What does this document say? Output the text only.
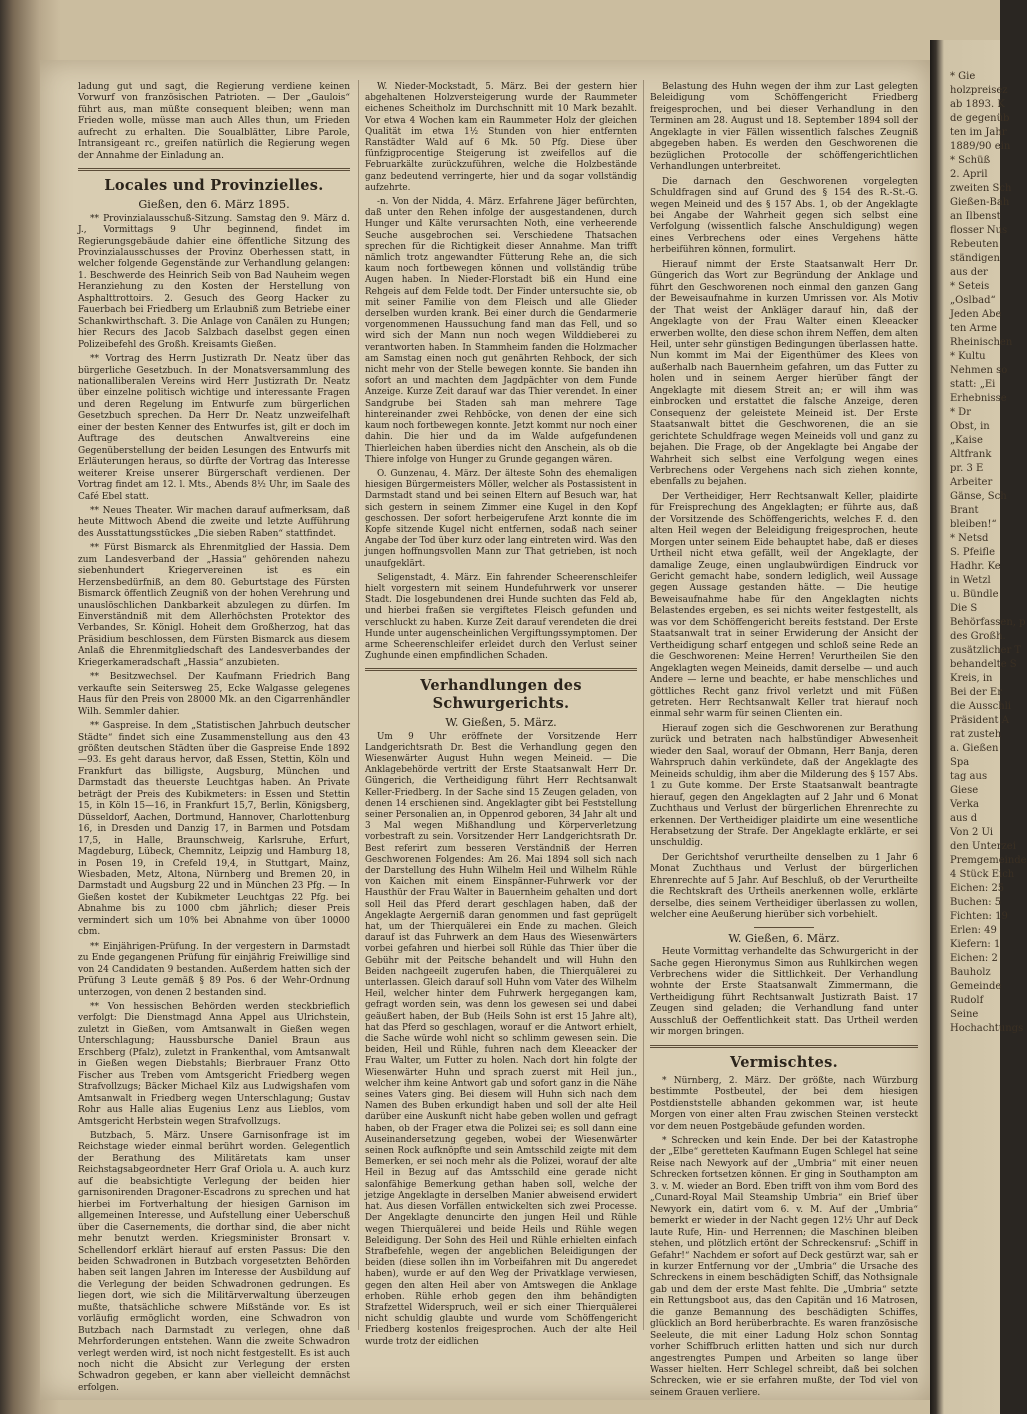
ladung gut und sagt, die Regierung verdiene keinen Vorwurf von französischen Patrioten. — Der „Gaulois“ führt aus, man müßte consequent bleiben; wenn man Frieden wolle, müsse man auch Alles thun, um Frieden aufrecht zu erhalten. Die Soualblätter, Libre Parole, Intransigeant rc., greifen natürlich die Regierung wegen der Annahme der Einladung an.

Locales und Provinzielles.
Gießen, den 6. März 1895.

** Provinzialausschuß-Sitzung. Samstag den 9. März d. J., Vormittags 9 Uhr beginnend, findet im Regierungsgebäude dahier eine öffentliche Sitzung des Provinzialausschusses der Provinz Oberhessen statt, in welcher folgende Gegenstände zur Verhandlung gelangen: 1. Beschwerde des Heinrich Seib von Bad Nauheim wegen Heranziehung zu den Kosten der Herstellung von Asphalttrottoirs. 2. Gesuch des Georg Hacker zu Fauerbach bei Friedberg um Erlaubniß zum Betriebe einer Schankwirthschaft. 3. Die Anlage von Canälen zu Hungen; hier Recurs des Jacob Salzbach daselbst gegen einen Polizeibefehl des Großh. Kreisamts Gießen.

** Vortrag des Herrn Justizrath Dr. Neatz über das bürgerliche Gesetzbuch. In der Monatsversammlung des nationalliberalen Vereins wird Herr Justizrath Dr. Neatz über einzelne politisch wichtige und interessante Fragen und deren Regelung im Entwurfe zum bürgerlichen Gesetzbuch sprechen. Da Herr Dr. Neatz unzweifelhaft einer der besten Kenner des Entwurfes ist, gilt er doch im Auftrage des deutschen Anwaltvereins eine Gegenüberstellung der beiden Lesungen des Entwurfs mit Erläuterungen heraus, so dürfte der Vortrag das Interesse weiterer Kreise unserer Bürgerschaft verdienen. Der Vortrag findet am 12. l. Mts., Abends 8½ Uhr, im Saale des Café Ebel statt.

** Neues Theater. Wir machen darauf aufmerksam, daß heute Mittwoch Abend die zweite und letzte Aufführung des Ausstattungsstückes „Die sieben Raben“ stattfindet.

** Fürst Bismarck als Ehrenmitglied der Hassia. Dem zum Landesverband der „Hassia“ gehörenden nahezu siebenhundert Kriegervereinen ist es ein Herzensbedürfniß, an dem 80. Geburtstage des Fürsten Bismarck öffentlich Zeugniß von der hohen Verehrung und unauslöschlichen Dankbarkeit abzulegen zu dürfen. Im Einverständniß mit dem Allerhöchsten Protektor des Verbandes, Sr. Königl. Hoheit dem Großherzog, hat das Präsidium beschlossen, dem Fürsten Bismarck aus diesem Anlaß die Ehrenmitgliedschaft des Landesverbandes der Kriegerkameradschaft „Hassia“ anzubieten.

** Besitzwechsel. Der Kaufmann Friedrich Bang verkaufte sein Seitersweg 25, Ecke Walgasse gelegenes Haus für den Preis von 28000 Mk. an den Cigarrenhändler Wilh. Semmler dahier.

** Gaspreise. In dem „Statistischen Jahrbuch deutscher Städte“ findet sich eine Zusammenstellung aus den 43 größten deutschen Städten über die Gaspreise Ende 1892—93. Es geht daraus hervor, daß Essen, Stettin, Köln und Frankfurt das billigste, Augsburg, München und Darmstadt das theuerste Leuchtgas haben. An Private beträgt der Preis des Kubikmeters: in Essen und Stettin 15, in Köln 15—16, in Frankfurt 15,7, Berlin, Königsberg, Düsseldorf, Aachen, Dortmund, Hannover, Charlottenburg 16, in Dresden und Danzig 17, in Barmen und Potsdam 17,5, in Halle, Braunschweig, Karlsruhe, Erfurt, Magdeburg, Lübeck, Chemnitz, Leipzig und Hamburg 18, in Posen 19, in Crefeld 19,4, in Stuttgart, Mainz, Wiesbaden, Metz, Altona, Nürnberg und Bremen 20, in Darmstadt und Augsburg 22 und in München 23 Pfg. — In Gießen kostet der Kubikmeter Leuchtgas 22 Pfg. bei Abnahme bis zu 1000 cbm jährlich; dieser Preis vermindert sich um 10% bei Abnahme von über 10000 cbm.

** Einjährigen-Prüfung. In der vergestern in Darmstadt zu Ende gegangenen Prüfung für einjährig Freiwillige sind von 24 Candidaten 9 bestanden. Außerdem hatten sich der Prüfung 3 Leute gemäß § 89 Pos. 6 der Wehr-Ordnung unterzogen, von denen 2 bestanden sind.

** Von hessischen Behörden werden steckbrieflich verfolgt: Die Dienstmagd Anna Appel aus Ulrichstein, zuletzt in Gießen, vom Amtsanwalt in Gießen wegen Unterschlagung; Haussbursche Daniel Braun aus Erschberg (Pfalz), zuletzt in Frankenthal, vom Amtsanwalt in Gießen wegen Diebstahls; Bierbrauer Franz Otto Fischer aus Treben vom Amtsgericht Friedberg wegen Strafvollzugs; Bäcker Michael Kilz aus Ludwigshafen vom Amtsanwalt in Friedberg wegen Unterschlagung; Gustav Rohr aus Halle alias Eugenius Lenz aus Lieblos, vom Amtsgericht Herbstein wegen Strafvollzugs.

Butzbach, 5. März. Unsere Garnisonfrage ist im Reichstage wieder einmal berührt worden. Gelegentlich der Berathung des Militäretats kam unser Reichstagsabgeordneter Herr Graf Oriola u. A. auch kurz auf die beabsichtigte Verlegung der beiden hier garnisonirenden Dragoner-Escadrons zu sprechen und hat hierbei im Fortverhaltung der hiesigen Garnison im allgemeinen Interesse, und Aufstellung einer Ueberschuß über die Casernements, die dorthar sind, die aber nicht mehr benutzt werden. Kriegsminister Bronsart v. Schellendorf erklärt hierauf auf ersten Passus: Die den beiden Schwadronen in Butzbach vorgesetzten Behörden haben seit langen Jahren im Interesse der Ausbildung auf die Verlegung der beiden Schwadronen gedrungen. Es liegen dort, wie sich die Militärverwaltung überzeugen mußte, thatsächliche schwere Mißstände vor. Es ist vorläufig ermöglicht worden, eine Schwadron von Butzbach nach Darmstadt zu verlegen, ohne daß Mehrforderungen entstehen. Wann die zweite Schwadron verlegt werden wird, ist noch nicht festgestellt. Es ist auch noch nicht die Absicht zur Verlegung der ersten Schwadron gegeben, er kann aber vielleicht demnächst erfolgen.

W. Nieder-Mockstadt, 5. März. Bei der gestern hier abgehaltenen Holzversteigerung wurde der Raummeter eichenes Scheitholz im Durchschnitt mit 10 Mark bezahlt. Vor etwa 4 Wochen kam ein Raummeter Holz der gleichen Qualität im etwa 1½ Stunden von hier entfernten Ranstädter Wald auf 6 Mk. 50 Pfg. Diese über fünfzigprocentige Steigerung ist zweifellos auf die Februarkälte zurückzuführen, welche die Holzbestände ganz bedeutend verringerte, hier und da sogar vollständig aufzehrte.

-n. Von der Nidda, 4. März. Erfahrene Jäger befürchten, daß unter den Rehen infolge der ausgestandenen, durch Hunger und Kälte verursachten Noth, eine verheerende Seuche ausgebrochen sei. Verschiedene Thatsachen sprechen für die Richtigkeit dieser Annahme. Man trifft nämlich trotz angewandter Fütterung Rehe an, die sich kaum noch fortbewegen können und vollständig trübe Augen haben. In Nieder-Florstadt biß ein Hund eine Rehgeis auf dem Felde todt. Der Finder untersuchte sie, ob mit seiner Familie von dem Fleisch und alle Glieder derselben wurden krank. Bei einer durch die Gendarmerie vorgenommenen Haussuchung fand man das Fell, und so wird sich der Mann nun noch wegen Wilddieberei zu verantworten haben. In Stammheim fanden die Holzmacher am Samstag einen noch gut genährten Rehbock, der sich nicht mehr von der Stelle bewegen konnte. Sie banden ihn sofort an und machten dem Jagdpächter von dem Funde Anzeige. Kurze Zeit darauf war das Thier verendet. In einer Sandgrube bei Staden sah man mehrere Tage hintereinander zwei Rehböcke, von denen der eine sich kaum noch fortbewegen konnte. Jetzt kommt nur noch einer dahin. Die hier und da im Walde aufgefundenen Thierleichen haben überdies nicht den Anschein, als ob die Thiere infolge von Hunger zu Grunde gegangen wären.

O. Gunzenau, 4. März. Der älteste Sohn des ehemaligen hiesigen Bürgermeisters Möller, welcher als Postassistent in Darmstadt stand und bei seinen Eltern auf Besuch war, hat sich gestern in seinem Zimmer eine Kugel in den Kopf geschossen. Der sofort herbeigerufene Arzt konnte die im Kopfe sitzende Kugel nicht entfernen, sodaß nach seiner Angabe der Tod über kurz oder lang eintreten wird. Was den jungen hoffnungsvollen Mann zur That getrieben, ist noch unaufgeklärt.

Seligenstadt, 4. März. Ein fahrender Scheerenschleifer hielt vorgestern mit seinem Hundefuhrwerk vor unserer Stadt. Die losgebundenen drei Hunde suchten das Feld ab, und hierbei fraßen sie vergiftetes Fleisch gefunden und verschluckt zu haben. Kurze Zeit darauf verendeten die drei Hunde unter augenscheinlichen Vergiftungssymptomen. Der arme Scheerenschleifer erleidet durch den Verlust seiner Zughunde einen empfindlichen Schaden.

Verhandlungen des Schwurgerichts.
W. Gießen, 5. März.

Um 9 Uhr eröffnete der Vorsitzende Herr Landgerichtsrath Dr. Best die Verhandlung gegen den Wiesenwärter August Huhn wegen Meineid. — Die Anklagebehörde vertritt der Erste Staatsanwalt Herr Dr. Güngerich, die Vertheidigung führt Herr Rechtsanwalt Keller-Friedberg. In der Sache sind 15 Zeugen geladen, von denen 14 erschienen sind. Angeklagter gibt bei Feststellung seiner Personalien an, in Oppenrod geboren, 34 Jahr alt und 3 Mal wegen Mißhandlung und Körperverletzung vorbestraft zu sein. Vorsitzender Herr Landgerichtsrath Dr. Best referirt zum besseren Verständniß der Herren Geschworenen Folgendes: Am 26. Mai 1894 soll sich nach der Darstellung des Huhn Wilhelm Heil und Wilhelm Rühle von Kaichen mit einem Einspänner-Fuhrwerk vor der Hausthür der Frau Walter in Bauernheim gehalten und dort soll Heil das Pferd derart geschlagen haben, daß der Angeklagte Aergerniß daran genommen und fast geprügelt hat, um der Thierquälerei ein Ende zu machen. Gleich darauf ist das Fuhrwerk an dem Haus des Wiesenwärters vorbei gefahren und hierbei soll Rühle das Thier über die Gebühr mit der Peitsche behandelt und will Huhn den Beiden nachgeeilt zugerufen haben, die Thierquälerei zu unterlassen. Gleich darauf soll Huhn vom Vater des Wilhelm Heil, welcher hinter dem Fuhrwerk hergegangen kam, gefragt worden sein, was denn los gewesen sei und dabei geäußert haben, der Bub (Heils Sohn ist erst 15 Jahre alt), hat das Pferd so geschlagen, worauf er die Antwort erhielt, die Sache würde wohl nicht so schlimm gewesen sein. Die beiden, Heil und Rühle, fuhren nach dem Kleeacker der Frau Walter, um Futter zu holen. Nach dort hin folgte der Wiesenwärter Huhn und sprach zuerst mit Heil jun., welcher ihm keine Antwort gab und sofort ganz in die Nähe seines Vaters ging. Bei diesem will Huhn sich nach dem Namen des Buben erkundigt haben und soll der alte Heil darüber eine Auskunft nicht habe geben wollen und gefragt haben, ob der Frager etwa die Polizei sei; es soll dann eine Auseinandersetzung gegeben, wobei der Wiesenwärter seinen Rock aufknöpfte und sein Amtsschild zeigte mit dem Bemerken, er sei noch mehr als die Polizei, worauf der alte Heil in Bezug auf das Amtsschild eine gerade nicht salonfähige Bemerkung gethan haben soll, welche der jetzige Angeklagte in derselben Manier abweisend erwidert hat. Aus diesen Vorfällen entwickelten sich zwei Processe. Der Angeklagte denuncirte den jungen Heil und Rühle wegen Thierquälerei und beide Heils und Rühle wegen Beleidigung. Der Sohn des Heil und Rühle erhielten einfach Strafbefehle, wegen der angeblichen Beleidigungen der beiden (diese sollen ihn im Vorbeifahren mit Du angeredet haben), wurde er auf den Weg der Privatklage verwiesen, gegen den alten Heil aber von Amtswegen die Anklage erhoben. Rühle erhob gegen den ihm behändigten Strafzettel Widerspruch, weil er sich einer Thierquälerei nicht schuldig glaubte und wurde vom Schöffengericht Friedberg kostenlos freigesprochen. Auch der alte Heil wurde trotz der eidlichen

Belastung des Huhn wegen der ihm zur Last gelegten Beleidigung vom Schöffengericht Friedberg freigesprochen, und bei dieser Verhandlung in den Terminen am 28. August und 18. September 1894 soll der Angeklagte in vier Fällen wissentlich falsches Zeugniß abgegeben haben. Es werden den Geschworenen die bezüglichen Protocolle der schöffengerichtlichen Verhandlungen unterbreitet.

Die darnach den Geschworenen vorgelegten Schuldfragen sind auf Grund des § 154 des R.-St.-G. wegen Meineid und des § 157 Abs. 1, ob der Angeklagte bei Angabe der Wahrheit gegen sich selbst eine Verfolgung (wissentlich falsche Anschuldigung) wegen eines Verbrechens oder eines Vergehens hätte herbeiführen können, formulirt.

Hierauf nimmt der Erste Staatsanwalt Herr Dr. Güngerich das Wort zur Begründung der Anklage und führt den Geschworenen noch einmal den ganzen Gang der Beweisaufnahme in kurzen Umrissen vor. Als Motiv der That weist der Ankläger darauf hin, daß der Angeklagte von der Frau Walter einen Kleeacker erwerben wollte, den diese schon ihrem Neffen, dem alten Heil, unter sehr günstigen Bedingungen überlassen hatte. Nun kommt im Mai der Eigenthümer des Klees von außerhalb nach Bauernheim gefahren, um das Futter zu holen und in seinem Aerger hierüber fängt der Angeklagte mit diesem Streit an; er will ihm was einbrocken und erstattet die falsche Anzeige, deren Consequenz der geleistete Meineid ist. Der Erste Staatsanwalt bittet die Geschworenen, die an sie gerichtete Schuldfrage wegen Meineids voll und ganz zu bejahen. Die Frage, ob der Angeklagte bei Angabe der Wahrheit sich selbst eine Verfolgung wegen eines Verbrechens oder Vergehens nach sich ziehen konnte, ebenfalls zu bejahen.

Der Vertheidiger, Herr Rechtsanwalt Keller, plaidirte für Freisprechung des Angeklagten; er führte aus, daß der Vorsitzende des Schöffengerichts, welches F. d. den alten Heil wegen der Beleidigung freigesprochen, heute Morgen unter seinem Eide behauptet habe, daß er dieses Urtheil nicht etwa gefällt, weil der Angeklagte, der damalige Zeuge, einen unglaubwürdigen Eindruck vor Gericht gemacht habe, sondern lediglich, weil Aussage gegen Aussage gestanden hätte. — Die heutige Beweisaufnahme habe für den Angeklagten nichts Belastendes ergeben, es sei nichts weiter festgestellt, als was vor dem Schöffengericht bereits feststand. Der Erste Staatsanwalt trat in seiner Erwiderung der Ansicht der Vertheidigung scharf entgegen und schloß seine Rede an die Geschworenen: Meine Herren! Verurtheilen Sie den Angeklagten wegen Meineids, damit derselbe — und auch Andere — lerne und beachte, er habe menschliches und göttliches Recht ganz frivol verletzt und mit Füßen getreten. Herr Rechtsanwalt Keller trat hierauf noch einmal sehr warm für seinen Clienten ein.

Hierauf zogen sich die Geschworenen zur Berathung zurück und betraten nach halbstündiger Abwesenheit wieder den Saal, worauf der Obmann, Herr Banja, deren Wahrspruch dahin verkündete, daß der Angeklagte des Meineids schuldig, ihm aber die Milderung des § 157 Abs. 1 zu Gute komme. Der Erste Staatsanwalt beantragte hierauf, gegen den Angeklagten auf 2 Jahr und 6 Monat Zuchthaus und Verlust der bürgerlichen Ehrenrechte zu erkennen. Der Vertheidiger plaidirte um eine wesentliche Herabsetzung der Strafe. Der Angeklagte erklärte, er sei unschuldig.

Der Gerichtshof verurtheilte denselben zu 1 Jahr 6 Monat Zuchthaus und Verlust der bürgerlichen Ehrenrechte auf 5 Jahr. Auf Beschluß, ob der Verurtheilte die Rechtskraft des Urtheils anerkennen wolle, erklärte derselbe, dies seinem Vertheidiger überlassen zu wollen, welcher eine Aeußerung hierüber sich vorbehielt.

W. Gießen, 6. März.

Heute Vormittag verhandelte das Schwurgericht in der Sache gegen Hieronymus Simon aus Ruhlkirchen wegen Verbrechens wider die Sittlichkeit. Der Verhandlung wohnte der Erste Staatsanwalt Zimmermann, die Vertheidigung führt Rechtsanwalt Justizrath Baist. 17 Zeugen sind geladen; die Verhandlung fand unter Ausschluß der Oeffentlichkeit statt. Das Urtheil werden wir morgen bringen.

Vermischtes.

* Nürnberg, 2. März. Der größte, nach Würzburg bestimmte Postbeutel, der bei dem hiesigen Postdienststelle abhanden gekommen war, ist heute Morgen von einer alten Frau zwischen Steinen versteckt vor dem neuen Postgebäude gefunden worden.

* Schrecken und kein Ende. Der bei der Katastrophe der „Elbe“ geretteten Kaufmann Eugen Schlegel hat seine Reise nach Newyork auf der „Umbria“ mit einer neuen Schrecken fortsetzen können. Er ging in Southampton am 3. v. M. wieder an Bord. Eben trifft von ihm vom Bord des „Cunard-Royal Mail Steamship Umbria“ ein Brief über Newyork ein, datirt vom 6. v. M. Auf der „Umbria“ bemerkt er wieder in der Nacht gegen 12½ Uhr auf Deck laute Rufe, Hin- und Herrennen; die Maschinen bleiben stehen, und plötzlich ertönt der Schreckensruf: „Schiff in Gefahr!“ Nachdem er sofort auf Deck gestürzt war, sah er in kurzer Entfernung vor der „Umbria“ die Ursache des Schreckens in einem beschädigten Schiff, das Nothsignale gab und dem der erste Mast fehlte. Die „Umbria“ setzte ein Rettungsboot aus, das den Capitän und 16 Matrosen, die ganze Bemannung des beschädigten Schiffes, glücklich an Bord herüberbrachte. Es waren französische Seeleute, die mit einer Ladung Holz schon Sonntag vorher Schiffbruch erlitten hatten und sich nur durch angestrengtes Pumpen und Arbeiten so lange über Wasser hielten. Herr Schlegel schreibt, daß bei solchen Schrecken, wie er sie erfahren mußte, der Tod viel von seinem Grauen verliere.

* Gie

holzpreisez

ab 1893. K

de gegenüb

ten im Jahr

1889/90 ein

* Schüß

2. April

zweiten Sch

Gießen-Bah

an Ilbenst

flosser Nus

Rebeuten

ständigen

aus der

* Seteis

„Oslbad“

Jeden Abe

ten Arme

Rheinischen

* Kultu

Nehmen so

statt: „Ei

Erhebnisse

* Dr

Obst, in

„Kaise

Altfrank

pr. 3 E

Arbeiter

Gänse, Sch

Brant

bleiben!“

* Netsd

S. Pfeifle

Hadhr. Ke

in Wetzl

u. Bündle

Die S

Behörfassen, p

des Großh.

zusätzlicher T

behandelte S

Kreis, in

Bei der Er

die Ausschli

Präsident A

rat zusteh

a. Gießen

Spa

tag aus

Giese

Verka

aus d

Von 2 Ui

den Unterzei

Premgemeinde

4 Stück Eich

Eichen: 25

Buchen: 5

Fichten: 19

Erlen: 49

Kiefern: 1

Eichen: 2

Bauholz

Gemeinde

Rudolf

Seine

Hochachtungs
